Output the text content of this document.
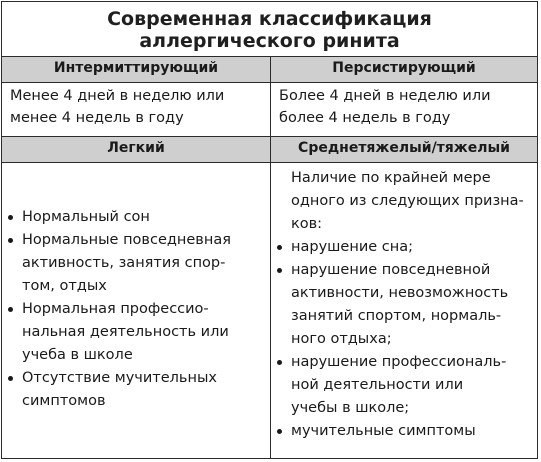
Современная классификация
аллергического ринита
Интермиттирующий	Персистирующий
Менее 4 дней в неделю или
менее 4 недель в году
Более 4 дней в неделю или
более 4 недель в году
Легкий	Среднетяжелый/тяжелый
Нормальный сон
Нормальные повседневная
активность, занятия спор-
том, отдых
Нормальная профессио-
нальная деятельность или
учеба в школе
Отсутствие мучительных
симптомов
Наличие по крайней мере
одного из следующих призна-
ков:
нарушение сна;
нарушение повседневной
активности, невозможность
занятий спортом, нормаль-
ного отдыха;
нарушение профессиональ-
ной деятельности или
учебы в школе;
мучительные симптомы
